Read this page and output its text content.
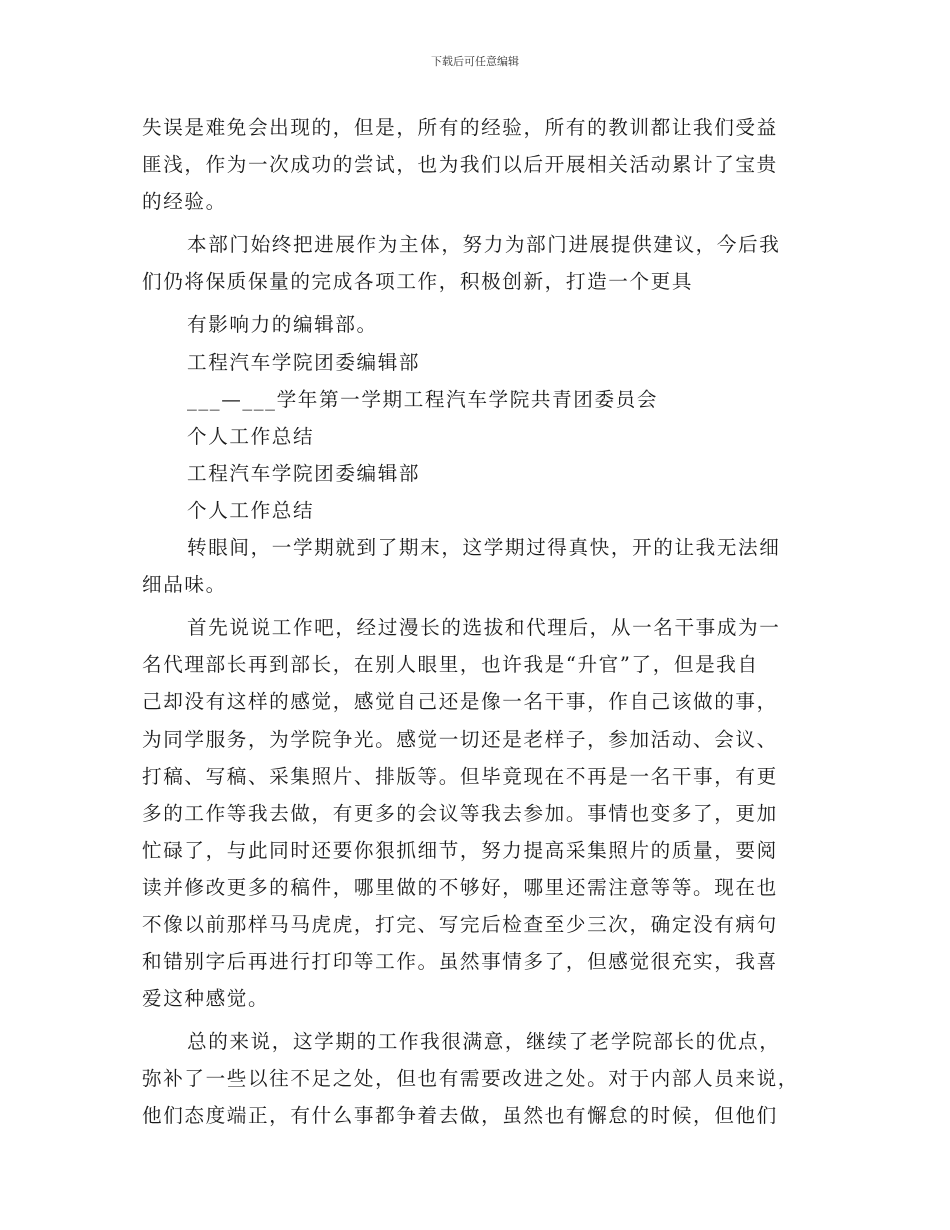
下载后可任意编辑
失误是难免会出现的，但是，所有的经验，所有的教训都让我们受益
匪浅，作为一次成功的尝试，也为我们以后开展相关活动累计了宝贵
的经验。
本部门始终把进展作为主体，努力为部门进展提供建议，今后我
们仍将保质保量的完成各项工作，积极创新，打造一个更具
有影响力的编辑部。
工程汽车学院团委编辑部
___—___学年第一学期工程汽车学院共青团委员会
个人工作总结
工程汽车学院团委编辑部
个人工作总结
转眼间，一学期就到了期末，这学期过得真快，开的让我无法细
细品味。
首先说说工作吧，经过漫长的选拔和代理后，从一名干事成为一
名代理部长再到部长，在别人眼里，也许我是“升官”了，但是我自
己却没有这样的感觉，感觉自己还是像一名干事，作自己该做的事，
为同学服务，为学院争光。感觉一切还是老样子，参加活动、会议、
打稿、写稿、采集照片、排版等。但毕竟现在不再是一名干事，有更
多的工作等我去做，有更多的会议等我去参加。事情也变多了，更加
忙碌了，与此同时还要你狠抓细节，努力提高采集照片的质量，要阅
读并修改更多的稿件，哪里做的不够好，哪里还需注意等等。现在也
不像以前那样马马虎虎，打完、写完后检查至少三次，确定没有病句
和错别字后再进行打印等工作。虽然事情多了，但感觉很充实，我喜
爱这种感觉。
总的来说，这学期的工作我很满意，继续了老学院部长的优点，
弥补了一些以往不足之处，但也有需要改进之处。对于内部人员来说，
他们态度端正，有什么事都争着去做，虽然也有懈怠的时候，但他们
